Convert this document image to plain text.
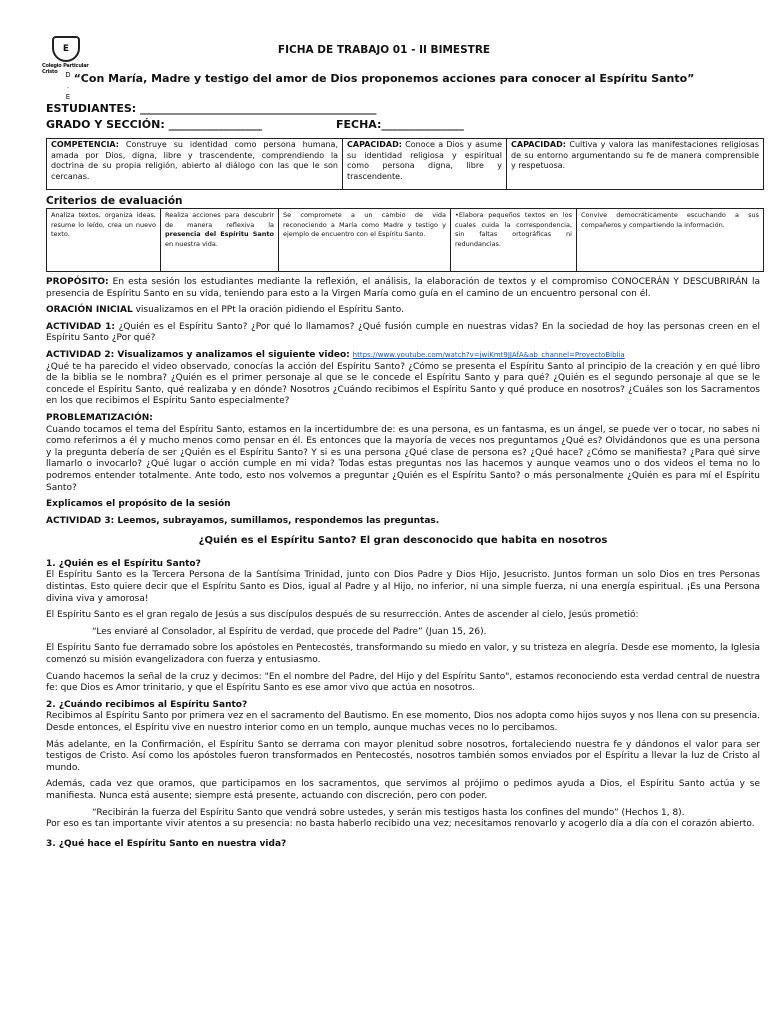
E
Colegio Particular
Cristo	D
.
E
FICHA DE TRABAJO 01 - II BIMESTRE
“Con María, Madre y testigo del amor de Dios proponemos acciones para conocer al Espíritu Santo”
ESTUDIANTES: ___________________________________________
GRADO Y SECCIÓN: _________________	FECHA:_______________
COMPETENCIA: Construye su identidad como persona humana, amada por Dios, digna, libre y trascendente, comprendiendo la doctrina de su propia religión, abierto al diálogo con las que le son cercanas.	CAPACIDAD: Conoce a Dios y asume su identidad religiosa y espiritual como persona digna, libre y trascendente.	CAPACIDAD: Cultiva y valora las manifestaciones religiosas de su entorno argumentando su fe de manera comprensible y respetuosa.
Criterios de evaluación
Analiza textos, organiza ideas, resume lo leído, crea un nuevo texto.	Realiza acciones para descubrir de manera reflexiva la presencia del Espíritu Santo en nuestra vida.	Se compromete a un cambio de vida reconociendo a María como Madre y testigo y ejemplo de encuentro con el Espíritu Santo.	•Elabora pequeños textos en los cuales cuida la correspondencia, sin faltas ortográficas ni redundancias.	Convive democráticamente escuchando a sus compañeros y compartiendo la información.

PROPÓSITO: En esta sesión los estudiantes mediante la reflexión, el análisis, la elaboración de textos y el compromiso CONOCERÁN Y DESCUBRIRÁN la presencia de Espíritu Santo en su vida, teniendo para esto a la Virgen María como guía en el camino de un encuentro personal con él.

ORACIÓN INICIAL visualizamos en el PPt la oración pidiendo el Espíritu Santo.

ACTIVIDAD 1: ¿Quién es el Espíritu Santo? ¿Por qué lo llamamos? ¿Qué fusión cumple en nuestras vidas? En la sociedad de hoy las personas creen en el Espíritu Santo ¿Por qué?

ACTIVIDAD 2: Visualizamos y analizamos el siguiente video: https://www.youtube.com/watch?v=jwiKmt9JJAfA&ab_channel=ProyectoBiblia
¿Qué te ha parecido el video observado, conocías la acción del Espíritu Santo? ¿Cómo se presenta el Espíritu Santo al principio de la creación y en qué libro de la biblia se le nombra? ¿Quién es el primer personaje al que se le concede el Espíritu Santo y para qué? ¿Quién es el segundo personaje al que se le concede el Espíritu Santo, qué realizaba y en dónde? Nosotros ¿Cuándo recibimos el Espíritu Santo y qué produce en nosotros? ¿Cuáles son los Sacramentos en los que recibimos el Espíritu Santo especialmente?

PROBLEMATIZACIÓN:
Cuando tocamos el tema del Espíritu Santo, estamos en la incertidumbre de: es una persona, es un fantasma, es un ángel, se puede ver o tocar, no sabes ni como referirnos a él y mucho menos como pensar en él. Es entonces que la mayoría de veces nos preguntamos ¿Qué es? Olvidándonos que es una persona y la pregunta debería de ser ¿Quién es el Espíritu Santo? Y si es una persona ¿Qué clase de persona es? ¿Qué hace? ¿Cómo se manifiesta? ¿Para qué sirve llamarlo o invocarlo? ¿Qué lugar o acción cumple en mi vida? Todas estas preguntas nos las hacemos y aunque veamos uno o dos videos el tema no lo podremos entender totalmente. Ante todo, esto nos volvemos a preguntar ¿Quién es el Espíritu Santo? o más personalmente ¿Quién es para mí el Espíritu Santo?

Explicamos el propósito de la sesión

ACTIVIDAD 3: Leemos, subrayamos, sumillamos, respondemos las preguntas.

¿Quién es el Espíritu Santo? El gran desconocido que habita en nosotros

1. ¿Quién es el Espíritu Santo?
El Espíritu Santo es la Tercera Persona de la Santísima Trinidad, junto con Dios Padre y Dios Hijo, Jesucristo. Juntos forman un solo Dios en tres Personas distintas. Esto quiere decir que el Espíritu Santo es Dios, igual al Padre y al Hijo, no inferior, ni una simple fuerza, ni una energía espiritual. ¡Es una Persona divina viva y amorosa!

El Espíritu Santo es el gran regalo de Jesús a sus discípulos después de su resurrección. Antes de ascender al cielo, Jesús prometió:

“Les enviaré al Consolador, al Espíritu de verdad, que procede del Padre” (Juan 15, 26).

El Espíritu Santo fue derramado sobre los apóstoles en Pentecostés, transformando su miedo en valor, y su tristeza en alegría. Desde ese momento, la Iglesia comenzó su misión evangelizadora con fuerza y entusiasmo.

Cuando hacemos la señal de la cruz y decimos: "En el nombre del Padre, del Hijo y del Espíritu Santo", estamos reconociendo esta verdad central de nuestra fe: que Dios es Amor trinitario, y que el Espíritu Santo es ese amor vivo que actúa en nosotros.

2. ¿Cuándo recibimos al Espíritu Santo?
Recibimos al Espíritu Santo por primera vez en el sacramento del Bautismo. En ese momento, Dios nos adopta como hijos suyos y nos llena con su presencia. Desde entonces, el Espíritu vive en nuestro interior como en un templo, aunque muchas veces no lo percibamos.

Más adelante, en la Confirmación, el Espíritu Santo se derrama con mayor plenitud sobre nosotros, fortaleciendo nuestra fe y dándonos el valor para ser testigos de Cristo. Así como los apóstoles fueron transformados en Pentecostés, nosotros también somos enviados por el Espíritu a llevar la luz de Cristo al mundo.

Además, cada vez que oramos, que participamos en los sacramentos, que servimos al prójimo o pedimos ayuda a Dios, el Espíritu Santo actúa y se manifiesta. Nunca está ausente; siempre está presente, actuando con discreción, pero con poder.

“Recibirán la fuerza del Espíritu Santo que vendrá sobre ustedes, y serán mis testigos hasta los confines del mundo” (Hechos 1, 8).

Por eso es tan importante vivir atentos a su presencia: no basta haberlo recibido una vez; necesitamos renovarlo y acogerlo día a día con el corazón abierto.

3. ¿Qué hace el Espíritu Santo en nuestra vida?
